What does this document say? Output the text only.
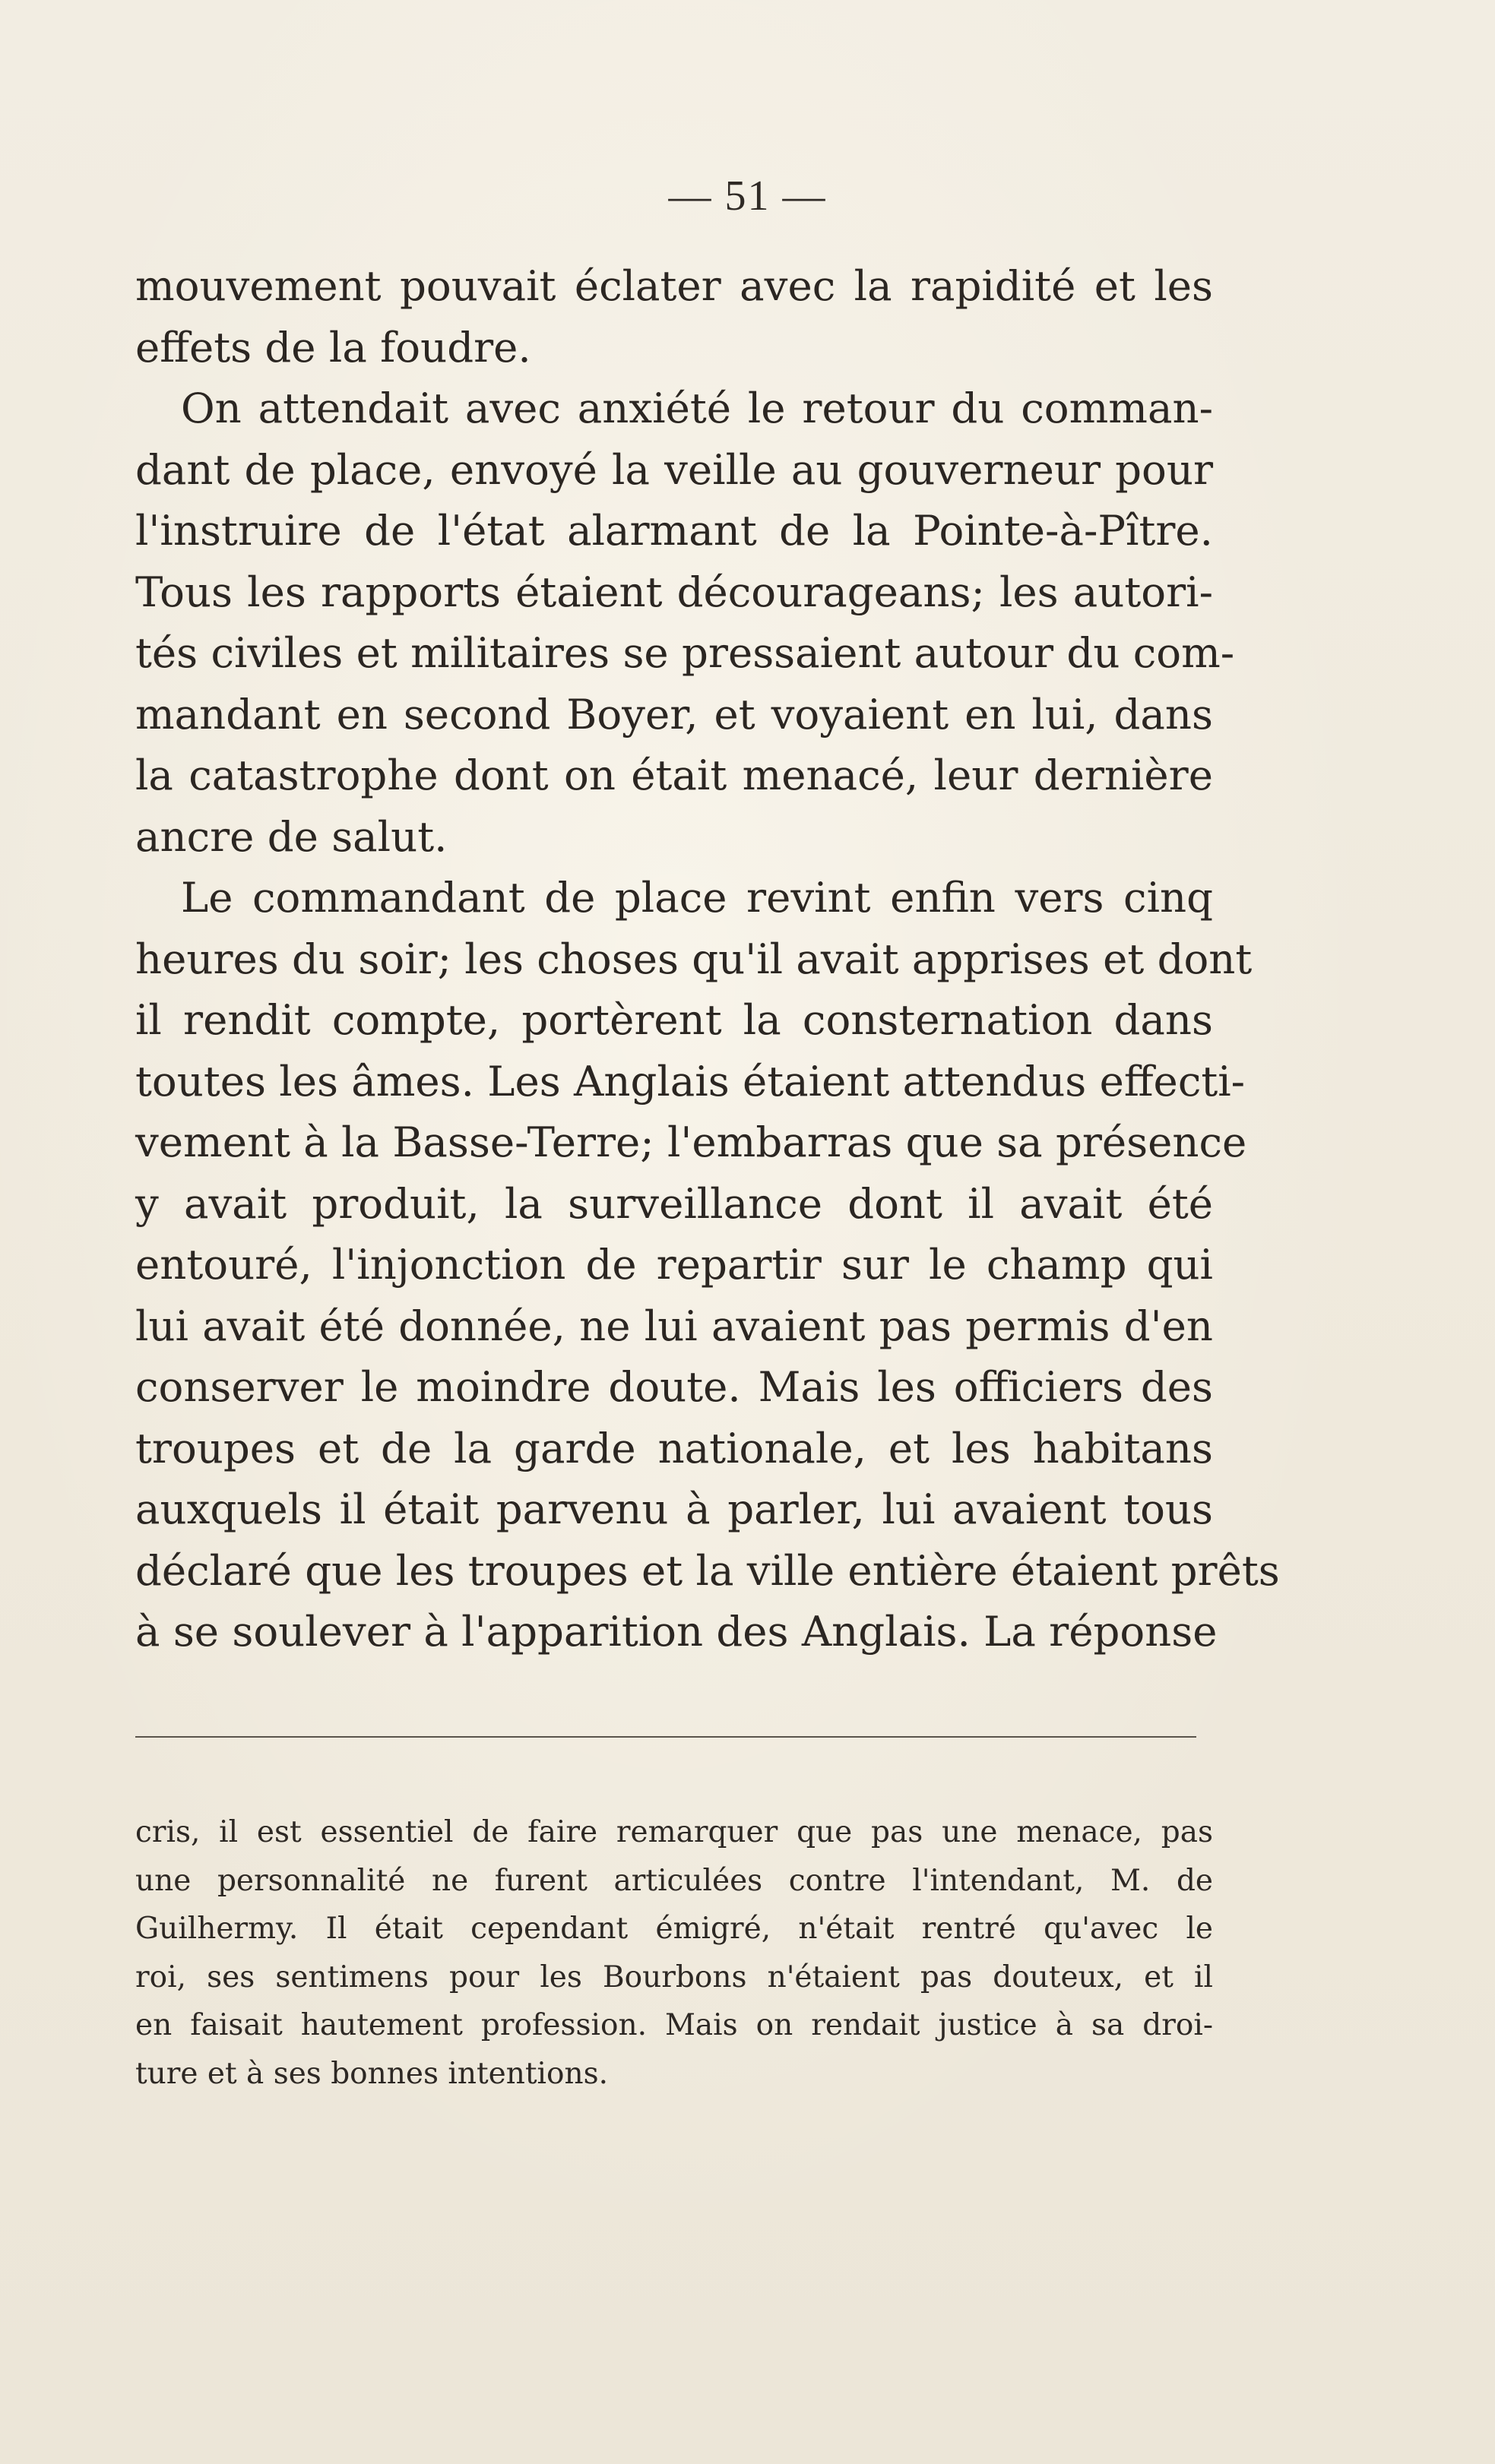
— 51 —
mouvement pouvait éclater avec la rapidité et les
effets de la foudre.
On attendait avec anxiété le retour du comman-
dant de place, envoyé la veille au gouverneur pour
l'instruire de l'état alarmant de la Pointe-à-Pître.
Tous les rapports étaient décourageans; les autori-
tés civiles et militaires se pressaient autour du com-
mandant en second Boyer, et voyaient en lui, dans
la catastrophe dont on était menacé, leur dernière
ancre de salut.
Le commandant de place revint enfin vers cinq
heures du soir; les choses qu'il avait apprises et dont
il rendit compte, portèrent la consternation dans
toutes les âmes. Les Anglais étaient attendus effecti-
vement à la Basse-Terre; l'embarras que sa présence
y avait produit, la surveillance dont il avait été
entouré, l'injonction de repartir sur le champ qui
lui avait été donnée, ne lui avaient pas permis d'en
conserver le moindre doute. Mais les officiers des
troupes et de la garde nationale, et les habitans
auxquels il était parvenu à parler, lui avaient tous
déclaré que les troupes et la ville entière étaient prêts
à se soulever à l'apparition des Anglais. La réponse
cris, il est essentiel de faire remarquer que pas une menace, pas
une personnalité ne furent articulées contre l'intendant, M. de
Guilhermy. Il était cependant émigré, n'était rentré qu'avec le
roi, ses sentimens pour les Bourbons n'étaient pas douteux, et il
en faisait hautement profession. Mais on rendait justice à sa droi-
ture et à ses bonnes intentions.
